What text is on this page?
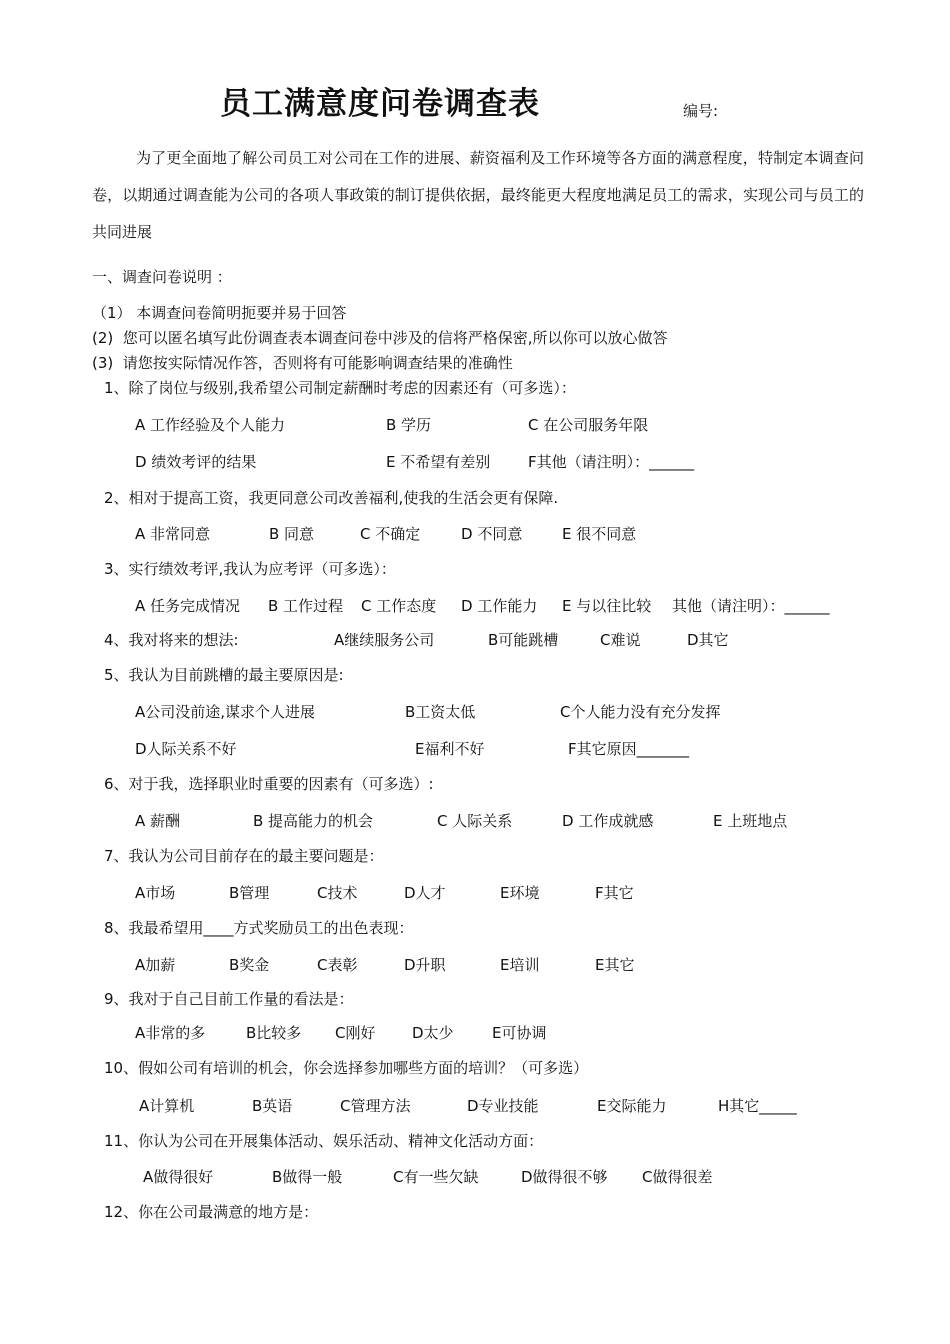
员工满意度问卷调查表	编号:
为了更全面地了解公司员工对公司在工作的进展、薪资福利及工作环境等各方面的满意程度，特制定本调查问卷，以期通过调查能为公司的各项人事政策的制订提供依据，最终能更大程度地满足员工的需求，实现公司与员工的共同进展
一、调查问卷说明 ：
（1） 本调查问卷简明扼要并易于回答
(2)  您可以匿名填写此份调查表本调查问卷中涉及的信将严格保密,所以你可以放心做答
(3)  请您按实际情况作答，否则将有可能影响调查结果的准确性
1、除了岗位与级别,我希望公司制定薪酬时考虑的因素还有（可多选）：
A 工作经验及个人能力	B 学历	C 在公司服务年限
D 绩效考评的结果	E 不希望有差别	F其他（请注明）：______
2、相对于提高工资，我更同意公司改善福利,使我的生活会更有保障.
A 非常同意	B 同意	C 不确定	D 不同意	E 很不同意
3、实行绩效考评,我认为应考评（可多选）：
A 任务完成情况 B 工作过程 C 工作态度 D 工作能力 E 与以往比较 其他（请注明）：______
4、我对将来的想法:	A继续服务公司	B可能跳槽	C难说	D其它
5、我认为目前跳槽的最主要原因是:
A公司没前途,谋求个人进展	B工资太低	C个人能力没有充分发挥
D人际关系不好	E福利不好	F其它原因_______
6、对于我，选择职业时重要的因素有（可多选）:
A 薪酬	B 提高能力的机会	C 人际关系	D 工作成就感	E 上班地点
7、我认为公司目前存在的最主要问题是：
A市场	B管理	C技术	D人才	E环境	F其它
8、我最希望用____方式奖励员工的出色表现：
A加薪	B奖金	C表彰	D升职	E培训	E其它
9、我对于自己目前工作量的看法是：
A非常的多	B比较多 C刚好 D太少	E可协调
10、假如公司有培训的机会，你会选择参加哪些方面的培训？（可多选）
A计算机	B英语	C管理方法	D专业技能	E交际能力	H其它_____
11、你认为公司在开展集体活动、娱乐活动、精神文化活动方面：
A做得很好	B做得一般	C有一些欠缺	D做得很不够 C做得很差
12、你在公司最满意的地方是：
